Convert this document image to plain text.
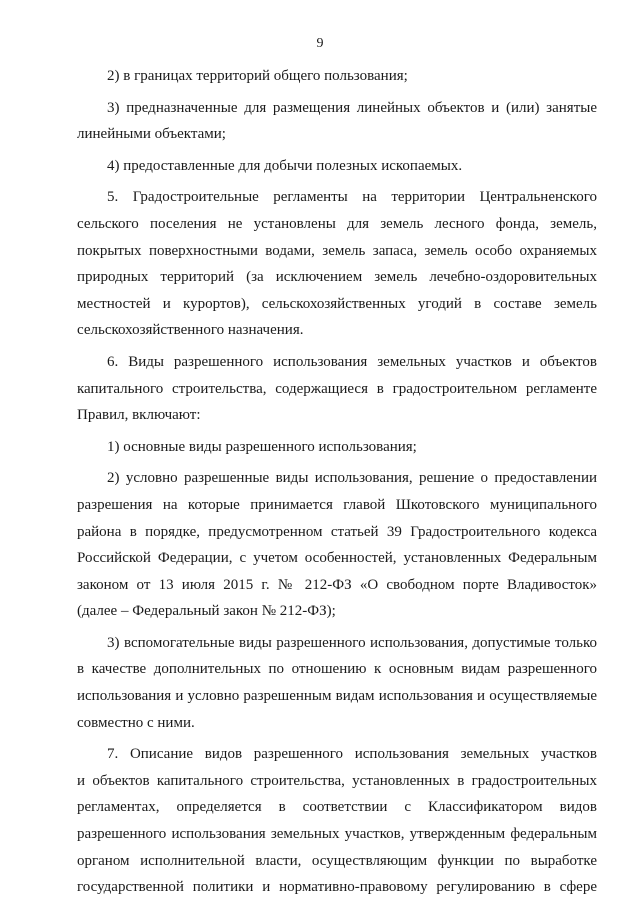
9
2) в границах территорий общего пользования;
3) предназначенные для размещения линейных объектов и (или) занятые
линейными объектами;
4) предоставленные для добычи полезных ископаемых.
5. Градостроительные регламенты на территории Центральненского
сельского поселения не установлены для земель лесного фонда, земель,
покрытых поверхностными водами, земель запаса, земель особо охраняемых
природных территорий (за исключением земель лечебно-оздоровительных
местностей и курортов), сельскохозяйственных угодий в составе земель
сельскохозяйственного назначения.
6. Виды разрешенного использования земельных участков и объектов
капитального строительства, содержащиеся в градостроительном регламенте
Правил, включают:
1) основные виды разрешенного использования;
2) условно разрешенные виды использования, решение о предоставлении
разрешения на которые принимается главой Шкотовского муниципального
района в порядке, предусмотренном статьей 39 Градостроительного кодекса
Российской Федерации, с учетом особенностей, установленных Федеральным
законом от 13 июля 2015 г. № 212-ФЗ «О свободном порте Владивосток»
(далее – Федеральный закон № 212-ФЗ);
3) вспомогательные виды разрешенного использования, допустимые только
в качестве дополнительных по отношению к основным видам разрешенного
использования и условно разрешенным видам использования и осуществляемые
совместно с ними.
7. Описание видов разрешенного использования земельных участков
и объектов капитального строительства, установленных в градостроительных
регламентах, определяется в соответствии с Классификатором видов
разрешенного использования земельных участков, утвержденным федеральным
органом исполнительной власти, осуществляющим функции по выработке
государственной политики и нормативно-правовому регулированию в сфере
